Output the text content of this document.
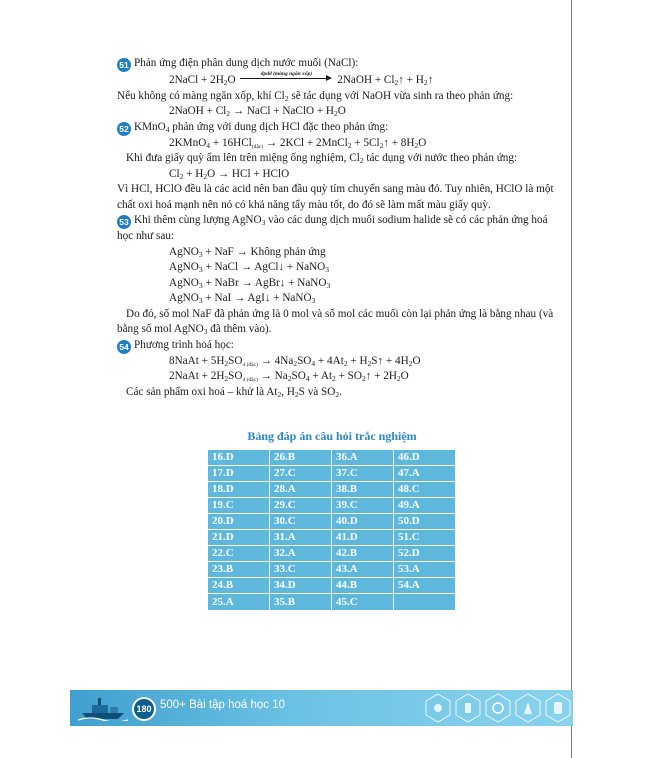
51 Phản ứng điện phân dung dịch nước muối (NaCl):
2NaCl + $2H_2O$	đpdd (màng ngăn xốp)	2NaOH + $Cl_2↑$ + $H_2↑$
Nếu không có màng ngăn xốp, khí $Cl_2$ sẽ tác dụng với NaOH vừa sinh ra theo phản ứng:
2NaOH + $Cl_2$ → NaCl + NaClO + $H_2O$
52 KMnO$_4$ phản ứng với dung dịch HCl đặc theo phản ứng:
2KMnO$_4$ + 16HCl$_{(đặc)}$ → 2KCl + 2MnCl$_2$ + $5Cl_2↑ + 8H_2O$
Khi đưa giấy quỳ ẩm lên trên miệng ống nghiệm, $Cl_2$ tác dụng với nước theo phản ứng:
$Cl_2 + H_2O$ → HCl + HClO
Vì HCl, HClO đều là các acid nên ban đầu quỳ tím chuyển sang màu đỏ. Tuy nhiên, HClO là một chất oxi hoá mạnh nên nó có khả năng tẩy màu tốt, do đó sẽ làm mất màu giấy quỳ.
53 Khi thêm cùng lượng AgNO$_3$ vào các dung dịch muối sodium halide sẽ có các phản ứng hoá học như sau:
AgNO$_3$ + NaF → Không phản ứng
AgNO$_3$ + NaCl → AgCl↓ + NaNO$_3$
AgNO$_3$ + NaBr → AgBr↓ + NaNO$_3$
AgNO$_3$ + NaI → AgI↓ + NaNO$_3$
Do đó, số mol NaF đã phản ứng là 0 mol và số mol các muối còn lại phản ứng là bằng nhau (và bằng số mol AgNO$_3$ đã thêm vào).
54 Phương trình hoá học:
8NaAt + $5H_2SO_{4 (đặc)} \to 4Na_2SO_4 + 4At_2$ + $H_2S↑ + 4H_2O$
2NaAt + $2H_2SO_{4 (đặc)} \to Na_2SO_4 + At_2$ + $SO_2↑ + 2H_2O$
Các sản phẩm oxi hoá – khử là $At_2$, $H_2S$ và $SO_2$.
Bảng đáp án câu hỏi trắc nghiệm
16.D	26.B	36.A	46.D
17.D	27.C	37.C	47.A
18.D	28.A	38.B	48.C
19.C	29.C	39.C	49.A
20.D	30.C	40.D	50.D
21.D	31.A	41.D	51.C
22.C	32.A	42.B	52.D
23.B	33.C	43.A	53.A
24.B	34.D	44.B	54.A
25.A	35.B	45.C	
180 500+ Bài tập hoá học 10
